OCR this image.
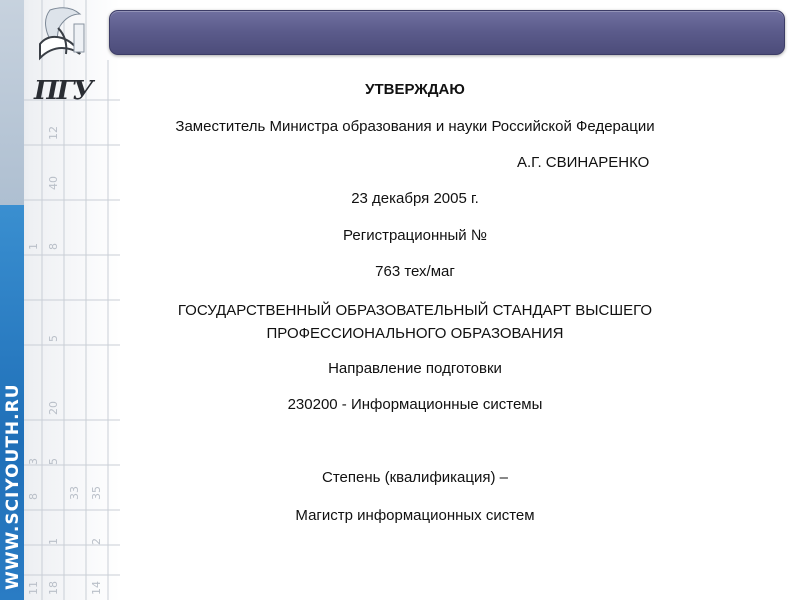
12
40
1 8
5
20
8	33 35
3 5
1	2
11 18	14
WWW.SCIYOUTH.RU
ПГУ	УТВЕРЖДАЮ
Заместитель Министра образования и науки Российской Федерации
А.Г. СВИНАРЕНКО
23 декабря 2005 г.
Регистрационный №
763 тех/маг
ГОСУДАРСТВЕННЫЙ ОБРАЗОВАТЕЛЬНЫЙ СТАНДАРТ ВЫСШЕГО ПРОФЕССИОНАЛЬНОГО ОБРАЗОВАНИЯ
Направление подготовки
230200 - Информационные системы
Степень (квалификация) –
Магистр информационных систем
